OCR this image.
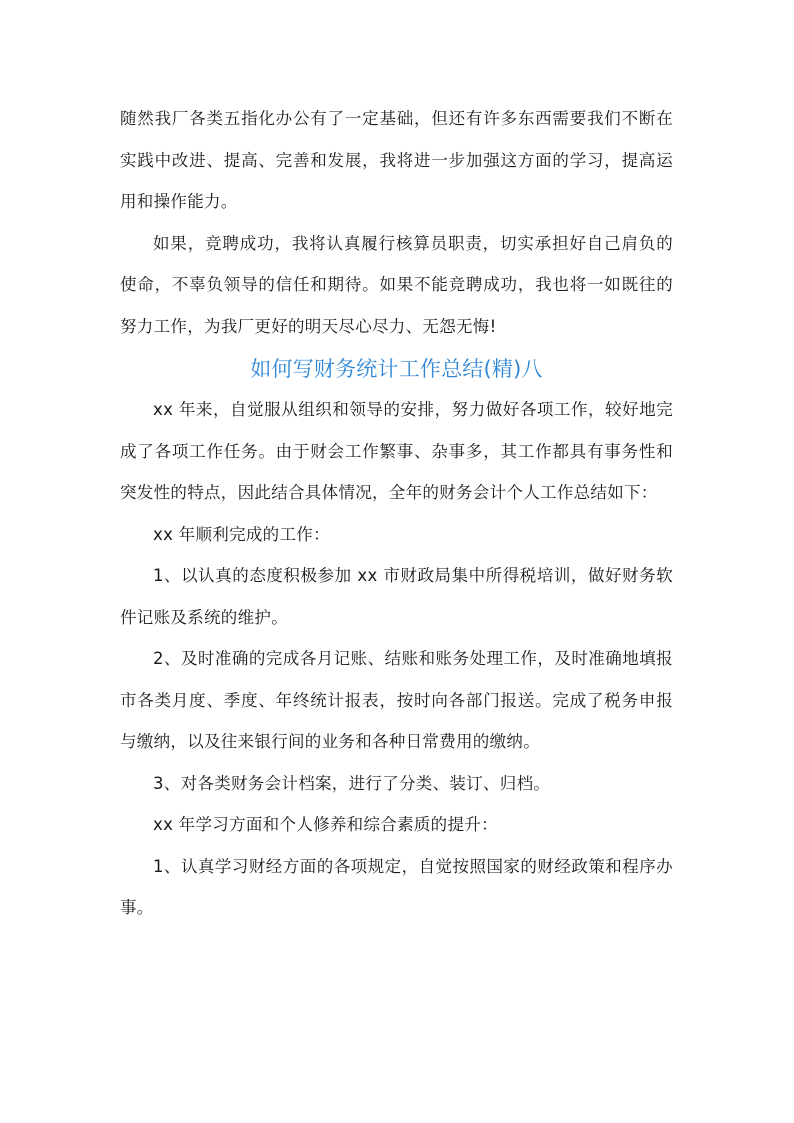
随然我厂各类五指化办公有了一定基础，但还有许多东西需要我们不断在实践中改进、提高、完善和发展，我将进一步加强这方面的学习，提高运用和操作能力。

如果，竞聘成功，我将认真履行核算员职责，切实承担好自己肩负的使命，不辜负领导的信任和期待。如果不能竞聘成功，我也将一如既往的努力工作，为我厂更好的明天尽心尽力、无怨无悔!

如何写财务统计工作总结(精)八

xx 年来，自觉服从组织和领导的安排，努力做好各项工作，较好地完成了各项工作任务。由于财会工作繁事、杂事多，其工作都具有事务性和突发性的特点，因此结合具体情况，全年的财务会计个人工作总结如下：

xx 年顺利完成的工作：

1、以认真的态度积极参加 xx 市财政局集中所得税培训，做好财务软件记账及系统的维护。

2、及时准确的完成各月记账、结账和账务处理工作，及时准确地填报市各类月度、季度、年终统计报表，按时向各部门报送。完成了税务申报与缴纳，以及往来银行间的业务和各种日常费用的缴纳。

3、对各类财务会计档案，进行了分类、装订、归档。

xx 年学习方面和个人修养和综合素质的提升：

1、认真学习财经方面的各项规定，自觉按照国家的财经政策和程序办事。
